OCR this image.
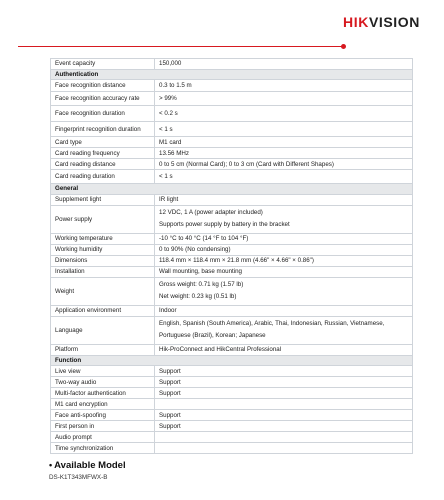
HIKVISION
Event capacity	150,000
Authentication	
Face recognition distance	0.3 to 1.5 m
Face recognition accuracy rate	> 99%
Face recognition duration	< 0.2 s
Fingerprint recognition duration	< 1 s
Card type	M1 card
Card reading frequency	13.56 MHz
Card reading distance	0 to 5 cm (Normal Card); 0 to 3 cm (Card with Different Shapes)
Card reading duration	< 1 s
General	
Supplement light	IR light
Power supply	12 VDC, 1 A (power adapter included)
Supports power supply by battery in the bracket

Working temperature	-10 °C to 40 °C (14 °F to 104 °F)
Working humidity	0 to 90% (No condensing)
Dimensions	118.4 mm × 118.4 mm × 21.8 mm (4.66" × 4.66" × 0.86")
Installation	Wall mounting, base mounting
Weight	Gross weight: 0.71 kg (1.57 lb)
Net weight: 0.23 kg (0.51 lb)

Application environment	Indoor
Language	English, Spanish (South America), Arabic, Thai, Indonesian, Russian, Vietnamese,
Portuguese (Brazil), Korean; Japanese

Platform	Hik-ProConnect and HikCentral Professional
Function	
Live view	Support
Two-way audio	Support
Multi-factor authentication	Support
M1 card encryption	
Face anti-spoofing	Support
First person in	Support
Audio prompt	
Time synchronization	
• Available Model
DS-K1T343MFWX-B
